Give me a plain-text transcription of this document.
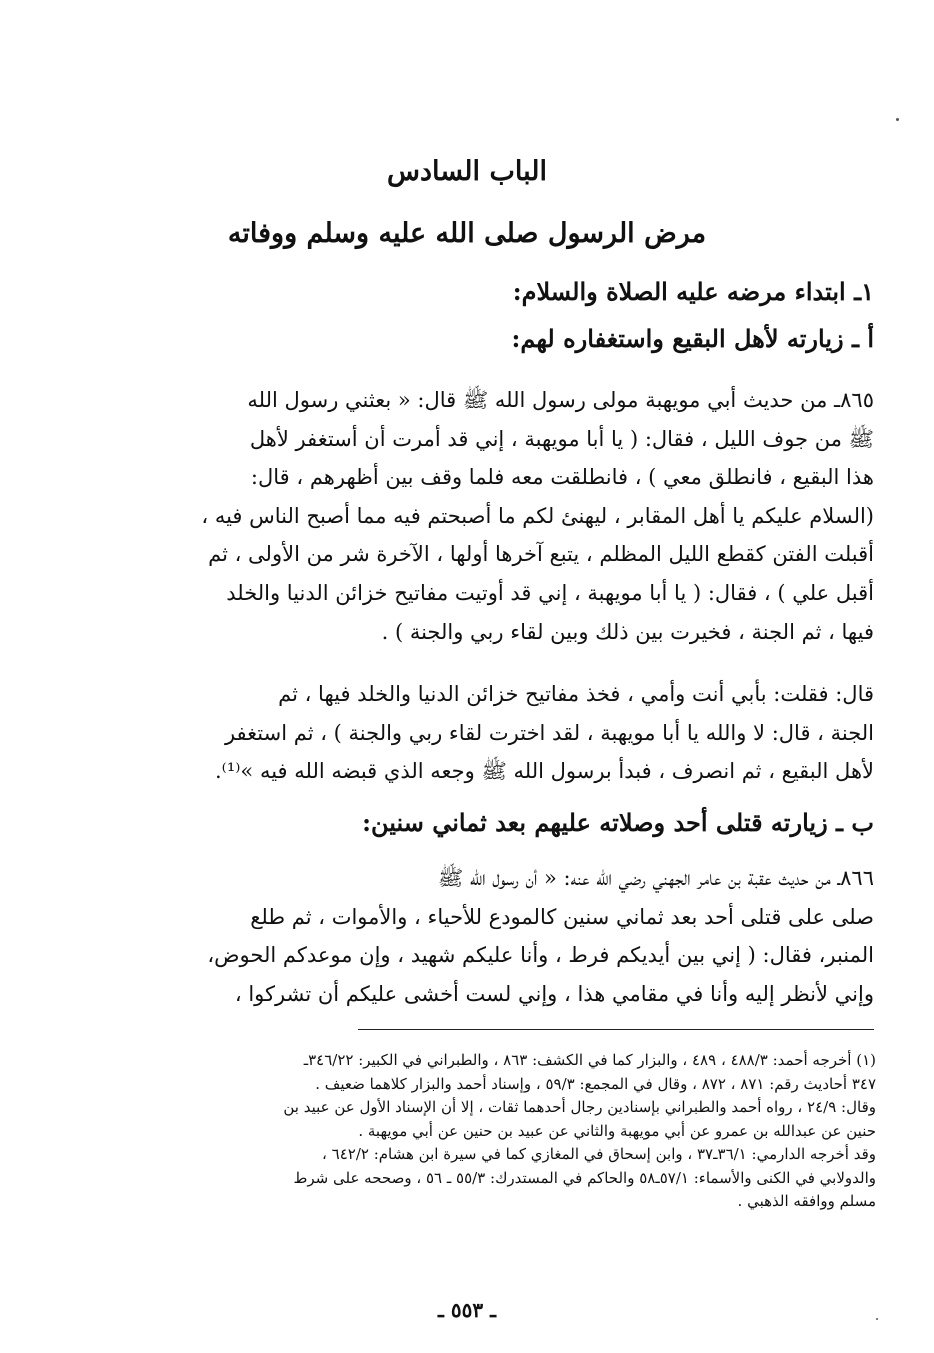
الباب السادس
مرض الرسول صلى الله عليه وسلم ووفاته
١ـ ابتداء مرضه عليه الصلاة والسلام:
أ ـ زيارته لأهل البقيع واستغفاره لهم:
٨٦٥ـ من حديث أبي مويهبة مولى رسول الله ﷺ قال: « بعثني رسول الله
ﷺ من جوف الليل ، فقال: ( يا أبا مويهبة ، إني قد أمرت أن أستغفر لأهل
هذا البقيع ، فانطلق معي ) ، فانطلقت معه فلما وقف بين أظهرهم ، قال:
(السلام عليكم يا أهل المقابر ، ليهنئ لكم ما أصبحتم فيه مما أصبح الناس فيه ،
أقبلت الفتن كقطع الليل المظلم ، يتبع آخرها أولها ، الآخرة شر من الأولى ، ثم
أقبل علي ) ، فقال: ( يا أبا مويهبة ، إني قد أوتيت مفاتيح خزائن الدنيا والخلد
فيها ، ثم الجنة ، فخيرت بين ذلك وبين لقاء ربي والجنة ) .
قال: فقلت: بأبي أنت وأمي ، فخذ مفاتيح خزائن الدنيا والخلد فيها ، ثم
الجنة ، قال: لا والله يا أبا مويهبة ، لقد اخترت لقاء ربي والجنة ) ، ثم استغفر
لأهل البقيع ، ثم انصرف ، فبدأ برسول الله ﷺ وجعه الذي قبضه الله فيه »⁽¹⁾.
ب ـ زيارته قتلى أحد وصلاته عليهم بعد ثماني سنين:
٨٦٦ـ من حديث عقبة بن عامر الجهني رضي الله عنه: « أن رسول الله ﷺ
صلى على قتلى أحد بعد ثماني سنين كالمودع للأحياء ، والأموات ، ثم طلع
المنبر، فقال: ( إني بين أيديكم فرط ، وأنا عليكم شهيد ، وإن موعدكم الحوض،
وإني لأنظر إليه وأنا في مقامي هذا ، وإني لست أخشى عليكم أن تشركوا ،
(١) أخرجه أحمد: ٤٨٨/٣ ، ٤٨٩ ، والبزار كما في الكشف: ٨٦٣ ، والطبراني في الكبير: ٣٤٦/٢٢ـ
٣٤٧ أحاديث رقم: ٨٧١ ، ٨٧٢ ، وقال في المجمع: ٥٩/٣ ، وإسناد أحمد والبزار كلاهما ضعيف .
وقال: ٢٤/٩ ، رواه أحمد والطبراني بإسنادين رجال أحدهما ثقات ، إلا أن الإسناد الأول عن عبيد بن
حنين عن عبدالله بن عمرو عن أبي مويهبة والثاني عن عبيد بن حنين عن أبي مويهبة .
وقد أخرجه الدارمي: ٣٦/١ـ٣٧ ، وابن إسحاق في المغازي كما في سيرة ابن هشام: ٦٤٢/٢ ،
والدولابي في الكنى والأسماء: ٥٧/١ـ٥٨ والحاكم في المستدرك: ٥٥/٣ ـ ٥٦ ، وصححه على شرط
مسلم ووافقه الذهبي .
ـ ٥٥٣ ـ
